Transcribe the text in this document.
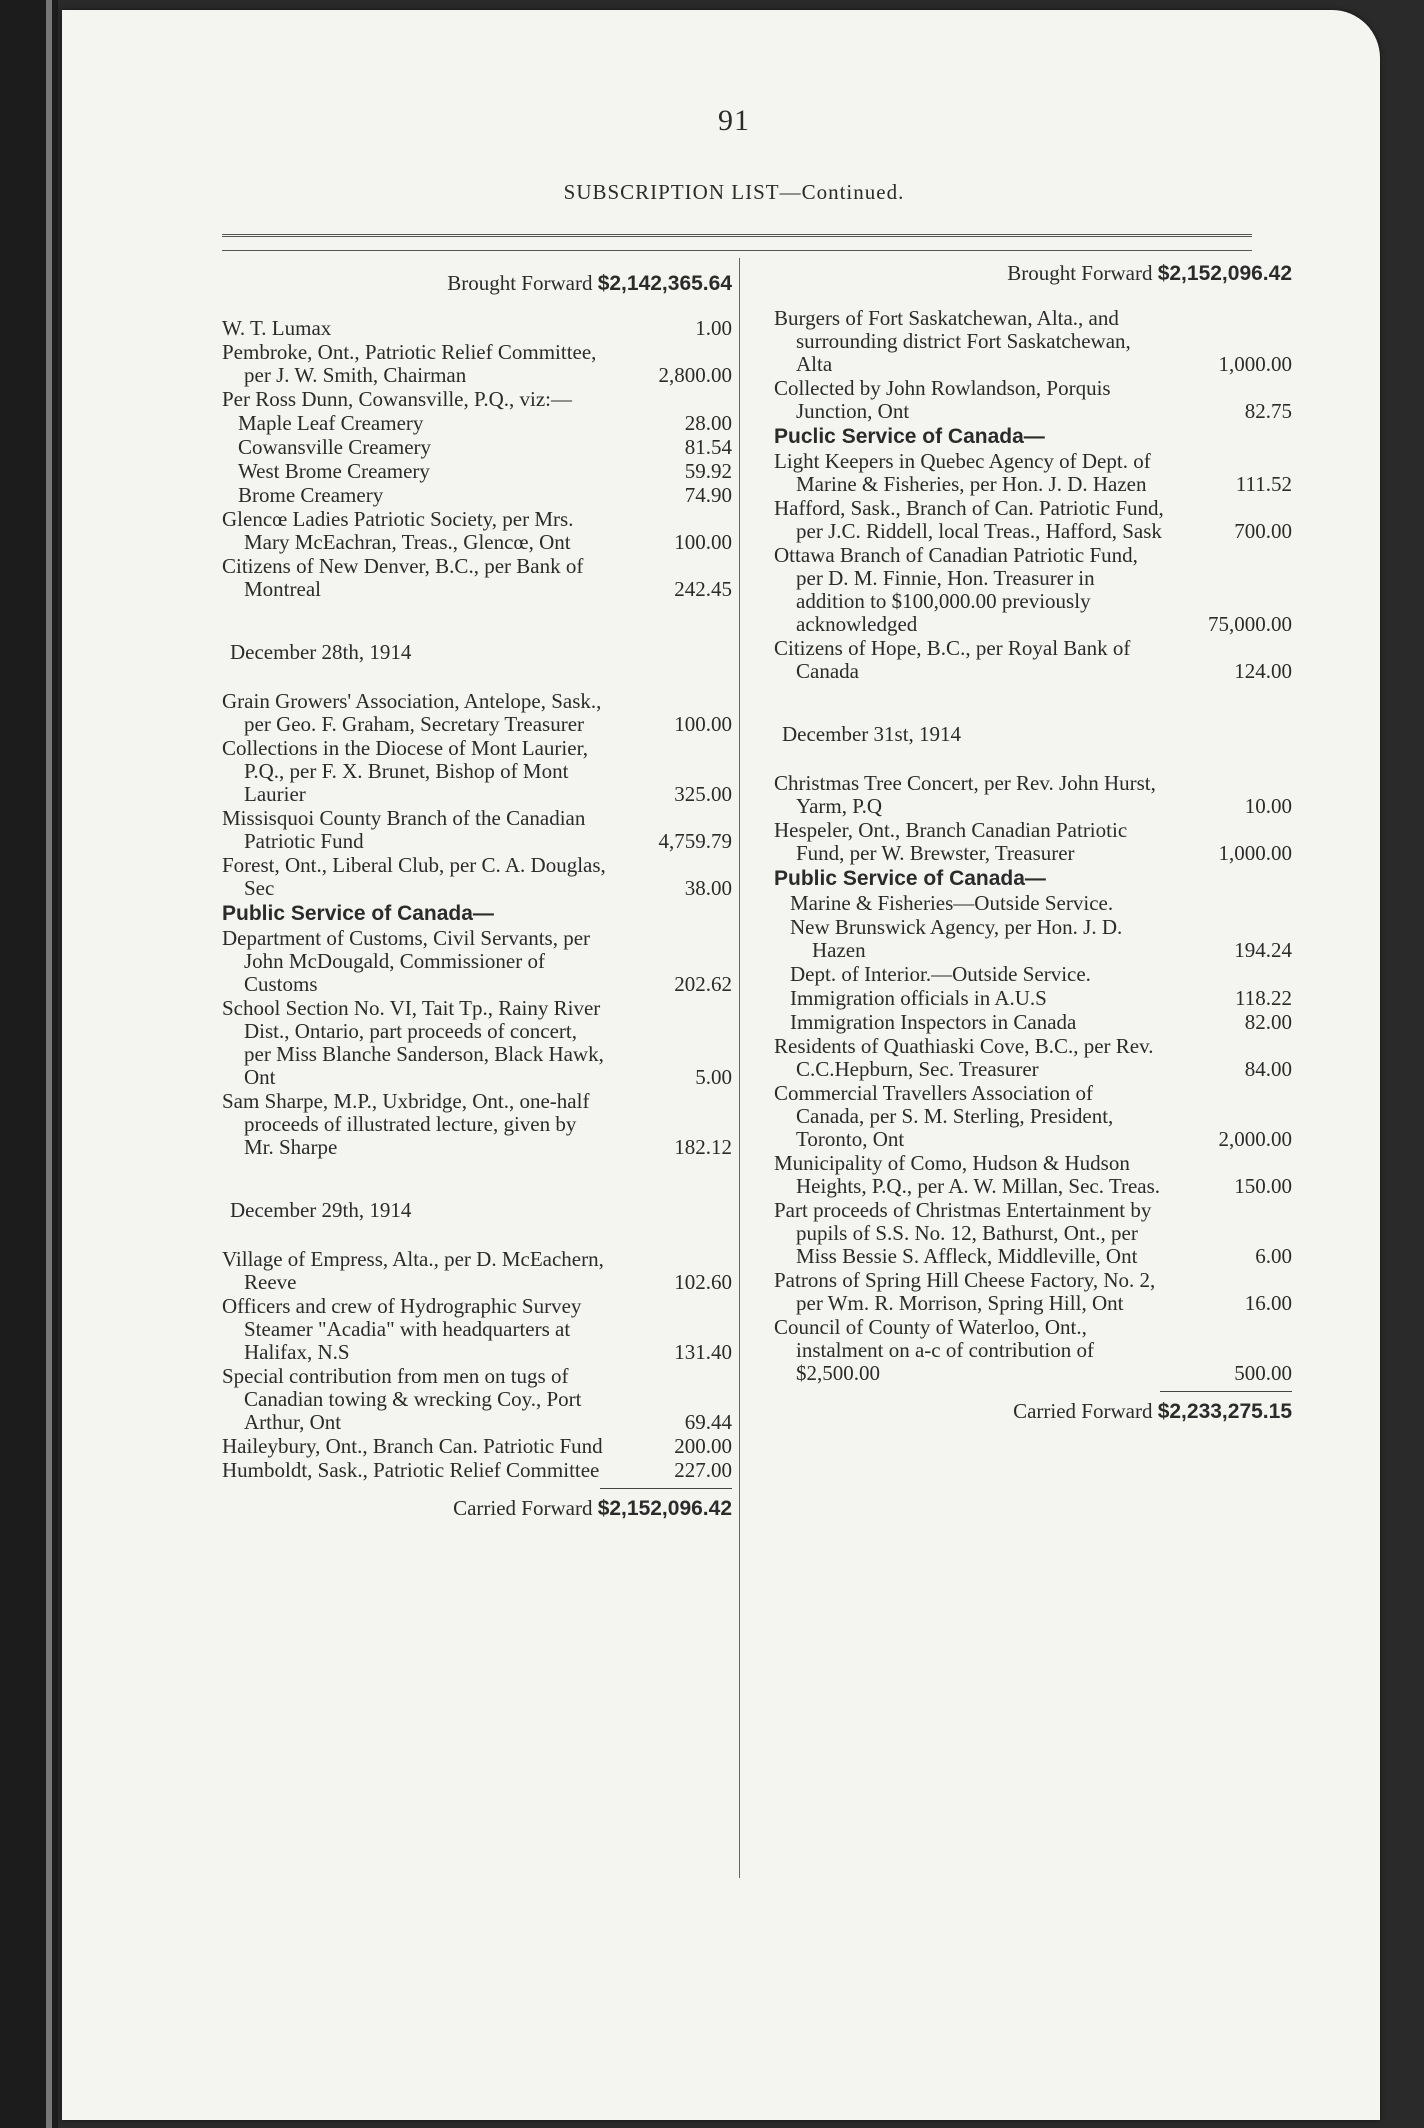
91
SUBSCRIPTION LIST—Continued.
Brought Forward $2,142,365.64
W. T. Lumax	1.00
Pembroke, Ont., Patriotic Relief Committee, per J. W. Smith, Chairman	2,800.00
Per Ross Dunn, Cowansville, P.Q., viz:—
Maple Leaf Creamery	28.00
Cowansville Creamery	81.54
West Brome Creamery	59.92
Brome Creamery	74.90
Glencœ Ladies Patriotic Society, per Mrs. Mary McEachran, Treas., Glencœ, Ont	100.00
Citizens of New Denver, B.C., per Bank of Montreal	242.45
December 28th, 1914
Grain Growers' Association, Antelope, Sask., per Geo. F. Graham, Secretary Treasurer	100.00
Collections in the Diocese of Mont Laurier, P.Q., per F. X. Brunet, Bishop of Mont Laurier	325.00
Missisquoi County Branch of the Canadian Patriotic Fund	4,759.79
Forest, Ont., Liberal Club, per C. A. Douglas, Sec	38.00
Public Service of Canada—
Department of Customs, Civil Servants, per John McDougald, Commissioner of Customs	202.62
School Section No. VI, Tait Tp., Rainy River Dist., Ontario, part proceeds of concert, per Miss Blanche Sanderson, Black Hawk, Ont	5.00
Sam Sharpe, M.P., Uxbridge, Ont., one-half proceeds of illustrated lecture, given by Mr. Sharpe	182.12
December 29th, 1914
Village of Empress, Alta., per D. McEachern, Reeve	102.60
Officers and crew of Hydrographic Survey Steamer "Acadia" with headquarters at Halifax, N.S	131.40
Special contribution from men on tugs of Canadian towing & wrecking Coy., Port Arthur, Ont	69.44
Haileybury, Ont., Branch Can. Patriotic Fund	200.00
Humboldt, Sask., Patriotic Relief Committee	227.00
Carried Forward $2,152,096.42
Brought Forward $2,152,096.42
Burgers of Fort Saskatchewan, Alta., and surrounding district Fort Saskatchewan, Alta	1,000.00
Collected by John Rowlandson, Porquis Junction, Ont	82.75
Puclic Service of Canada—
Light Keepers in Quebec Agency of Dept. of Marine & Fisheries, per Hon. J. D. Hazen	111.52
Hafford, Sask., Branch of Can. Patriotic Fund, per J.C. Riddell, local Treas., Hafford, Sask	700.00
Ottawa Branch of Canadian Patriotic Fund, per D. M. Finnie, Hon. Treasurer in addition to $100,000.00 previously acknowledged	75,000.00
Citizens of Hope, B.C., per Royal Bank of Canada	124.00
December 31st, 1914
Christmas Tree Concert, per Rev. John Hurst, Yarm, P.Q	10.00
Hespeler, Ont., Branch Canadian Patriotic Fund, per W. Brewster, Treasurer	1,000.00
Public Service of Canada—
Marine & Fisheries—Outside Service.
New Brunswick Agency, per Hon. J. D. Hazen	194.24
Dept. of Interior.—Outside Service.
Immigration officials in A.U.S	118.22
Immigration Inspectors in Canada	82.00
Residents of Quathiaski Cove, B.C., per Rev. C.C.Hepburn, Sec. Treasurer	84.00
Commercial Travellers Association of Canada, per S. M. Sterling, President, Toronto, Ont	2,000.00
Municipality of Como, Hudson & Hudson Heights, P.Q., per A. W. Millan, Sec. Treas.	150.00
Part proceeds of Christmas Entertainment by pupils of S.S. No. 12, Bathurst, Ont., per Miss Bessie S. Affleck, Middleville, Ont	6.00
Patrons of Spring Hill Cheese Factory, No. 2, per Wm. R. Morrison, Spring Hill, Ont	16.00
Council of County of Waterloo, Ont., instalment on a-c of contribution of $2,500.00	500.00
Carried Forward $2,233,275.15
